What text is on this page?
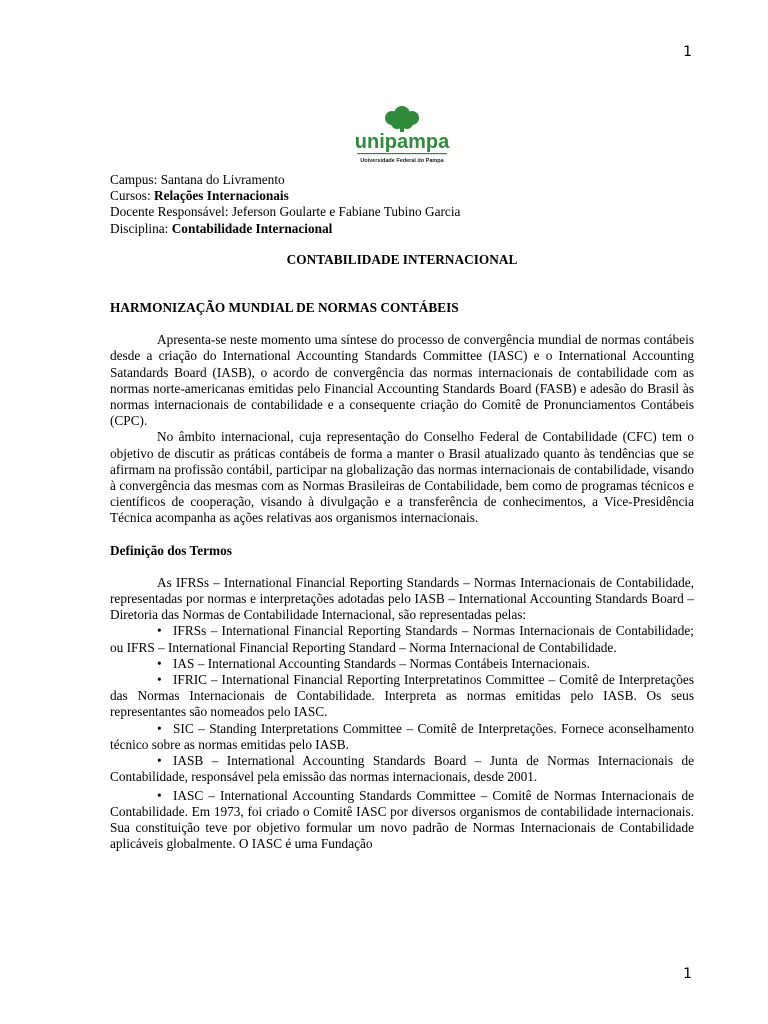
1
unipampa
Universidade Federal do Pampa
Campus: Santana do Livramento
Cursos: Relações Internacionais
Docente Responsável: Jeferson Goularte e Fabiane Tubino Garcia
Disciplina: Contabilidade Internacional
CONTABILIDADE INTERNACIONAL
HARMONIZAÇÃO MUNDIAL DE NORMAS CONTÁBEIS

Apresenta-se neste momento uma síntese do processo de convergência mundial de normas contábeis desde a criação do International Accounting Standards Committee (IASC) e o International Accounting Satandards Board (IASB), o acordo de convergência das normas internacionais de contabilidade com as normas norte-americanas emitidas pelo Financial Accounting Standards Board (FASB) e adesão do Brasil às normas internacionais de contabilidade e a consequente criação do Comitê de Pronunciamentos Contábeis (CPC).

No âmbito internacional, cuja representação do Conselho Federal de Contabilidade (CFC) tem o objetivo de discutir as práticas contábeis de forma a manter o Brasil atualizado quanto às tendências que se afirmam na profissão contábil, participar na globalização das normas internacionais de contabilidade, visando à convergência das mesmas com as Normas Brasileiras de Contabilidade, bem como de programas técnicos e científicos de cooperação, visando à divulgação e a transferência de conhecimentos, a Vice-Presidência Técnica acompanha as ações relativas aos organismos internacionais.

Definição dos Termos

As IFRSs – International Financial Reporting Standards – Normas Internacionais de Contabilidade, representadas por normas e interpretações adotadas pelo IASB – International Accounting Standards Board – Diretoria das Normas de Contabilidade Internacional, são representadas pelas:

• IFRSs – International Financial Reporting Standards – Normas Internacionais de Contabilidade; ou IFRS – International Financial Reporting Standard – Norma Internacional de Contabilidade.

• IAS – International Accounting Standards – Normas Contábeis Internacionais.

• IFRIC – International Financial Reporting Interpretatinos Committee – Comitê de Interpretações das Normas Internacionais de Contabilidade. Interpreta as normas emitidas pelo IASB. Os seus representantes são nomeados pelo IASC.

• SIC – Standing Interpretations Committee – Comitê de Interpretações. Fornece aconselhamento técnico sobre as normas emitidas pelo IASB.

• IASB – International Accounting Standards Board – Junta de Normas Internacionais de Contabilidade, responsável pela emissão das normas internacionais, desde 2001.

• IASC – International Accounting Standards Committee – Comitê de Normas Internacionais de Contabilidade. Em 1973, foi criado o Comitê IASC por diversos organismos de contabilidade internacionais. Sua constituição teve por objetivo formular um novo padrão de Normas Internacionais de Contabilidade aplicáveis globalmente. O IASC é uma Fundação

1
